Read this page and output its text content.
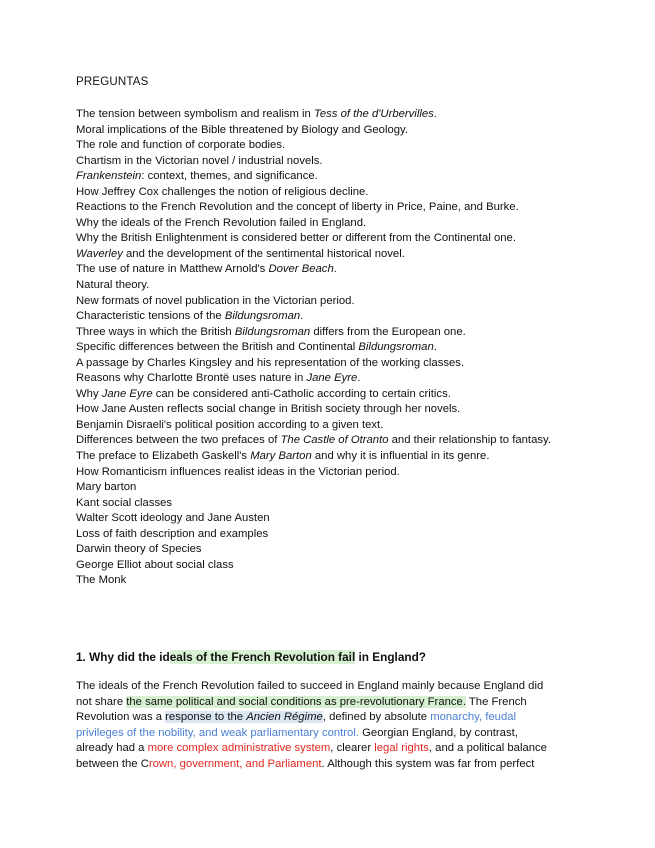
PREGUNTAS
The tension between symbolism and realism in Tess of the d'Urbervilles.
Moral implications of the Bible threatened by Biology and Geology.
The role and function of corporate bodies.
Chartism in the Victorian novel / industrial novels.
Frankenstein: context, themes, and significance.
How Jeffrey Cox challenges the notion of religious decline.
Reactions to the French Revolution and the concept of liberty in Price, Paine, and Burke.
Why the ideals of the French Revolution failed in England.
Why the British Enlightenment is considered better or different from the Continental one.
Waverley and the development of the sentimental historical novel.
The use of nature in Matthew Arnold's Dover Beach.
Natural theory.
New formats of novel publication in the Victorian period.
Characteristic tensions of the Bildungsroman.
Three ways in which the British Bildungsroman differs from the European one.
Specific differences between the British and Continental Bildungsroman.
A passage by Charles Kingsley and his representation of the working classes.
Reasons why Charlotte Brontë uses nature in Jane Eyre.
Why Jane Eyre can be considered anti-Catholic according to certain critics.
How Jane Austen reflects social change in British society through her novels.
Benjamin Disraeli's political position according to a given text.
Differences between the two prefaces of The Castle of Otranto and their relationship to fantasy.
The preface to Elizabeth Gaskell's Mary Barton and why it is influential in its genre.
How Romanticism influences realist ideas in the Victorian period.
Mary barton
Kant social classes
Walter Scott ideology and Jane Austen
Loss of faith description and examples
Darwin theory of Species
George Elliot about social class
The Monk
1. Why did the ideals of the French Revolution fail in England?
The ideals of the French Revolution failed to succeed in England mainly because England did
not share the same political and social conditions as pre-revolutionary France. The French
Revolution was a response to the Ancien Régime, defined by absolute monarchy, feudal
privileges of the nobility, and weak parliamentary control. Georgian England, by contrast,
already had a more complex administrative system, clearer legal rights, and a political balance
between the Crown, government, and Parliament. Although this system was far from perfect
